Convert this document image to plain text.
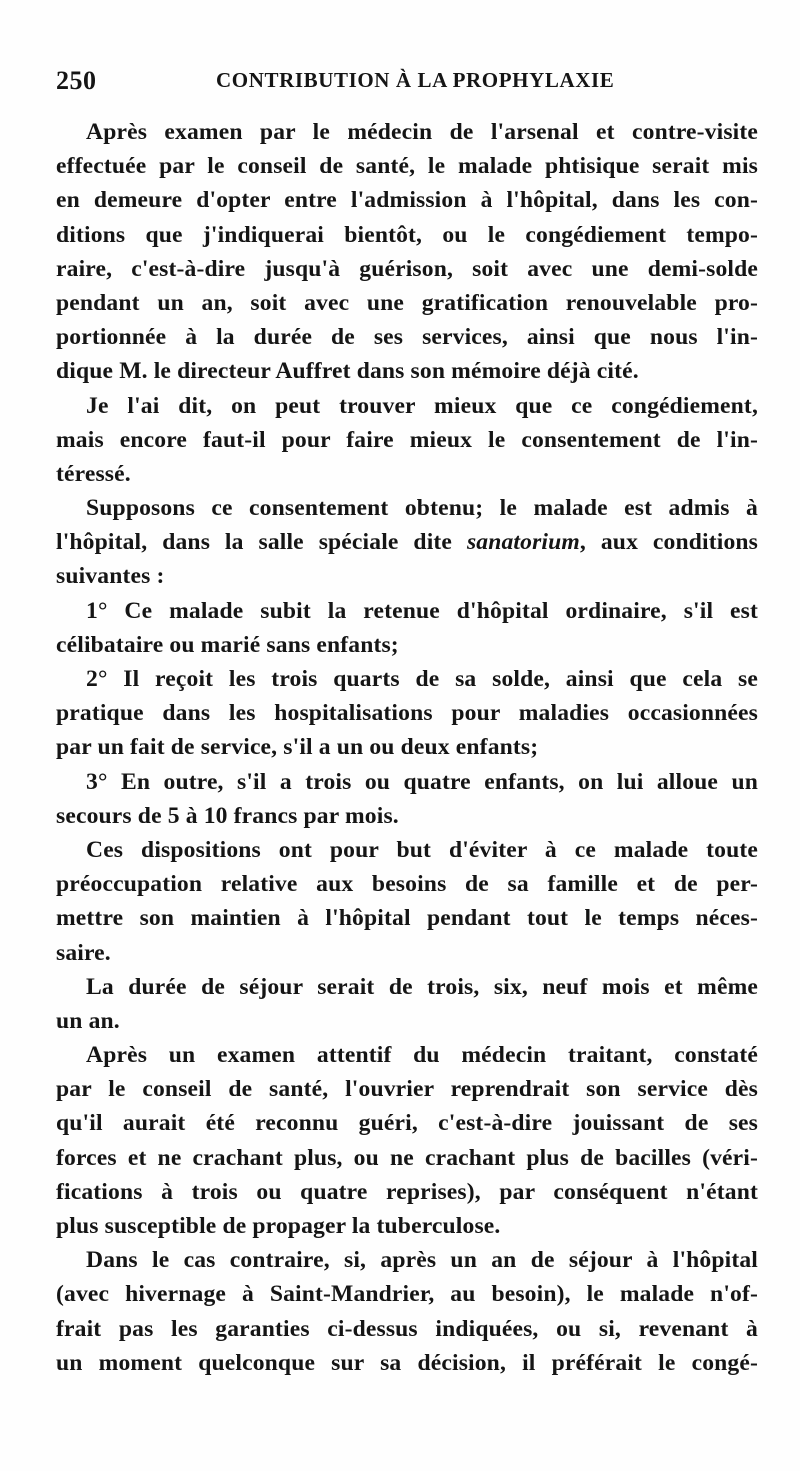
250	CONTRIBUTION À LA PROPHYLAXIE
Après examen par le médecin de l'arsenal et contre-visite
effectuée par le conseil de santé, le malade phtisique serait mis
en demeure d'opter entre l'admission à l'hôpital, dans les con-
ditions que j'indiquerai bientôt, ou le congédiement tempo-
raire, c'est-à-dire jusqu'à guérison, soit avec une demi-solde
pendant un an, soit avec une gratification renouvelable pro-
portionnée à la durée de ses services, ainsi que nous l'in-
dique M. le directeur Auffret dans son mémoire déjà cité.
Je l'ai dit, on peut trouver mieux que ce congédiement,
mais encore faut-il pour faire mieux le consentement de l'in-
téressé.
Supposons ce consentement obtenu; le malade est admis à
l'hôpital, dans la salle spéciale dite sanatorium, aux conditions
suivantes :
1° Ce malade subit la retenue d'hôpital ordinaire, s'il est
célibataire ou marié sans enfants;
2° Il reçoit les trois quarts de sa solde, ainsi que cela se
pratique dans les hospitalisations pour maladies occasionnées
par un fait de service, s'il a un ou deux enfants;
3° En outre, s'il a trois ou quatre enfants, on lui alloue un
secours de 5 à 10 francs par mois.
Ces dispositions ont pour but d'éviter à ce malade toute
préoccupation relative aux besoins de sa famille et de per-
mettre son maintien à l'hôpital pendant tout le temps néces-
saire.
La durée de séjour serait de trois, six, neuf mois et même
un an.
Après un examen attentif du médecin traitant, constaté
par le conseil de santé, l'ouvrier reprendrait son service dès
qu'il aurait été reconnu guéri, c'est-à-dire jouissant de ses
forces et ne crachant plus, ou ne crachant plus de bacilles (véri-
fications à trois ou quatre reprises), par conséquent n'étant
plus susceptible de propager la tuberculose.
Dans le cas contraire, si, après un an de séjour à l'hôpital
(avec hivernage à Saint-Mandrier, au besoin), le malade n'of-
frait pas les garanties ci-dessus indiquées, ou si, revenant à
un moment quelconque sur sa décision, il préférait le congé-
